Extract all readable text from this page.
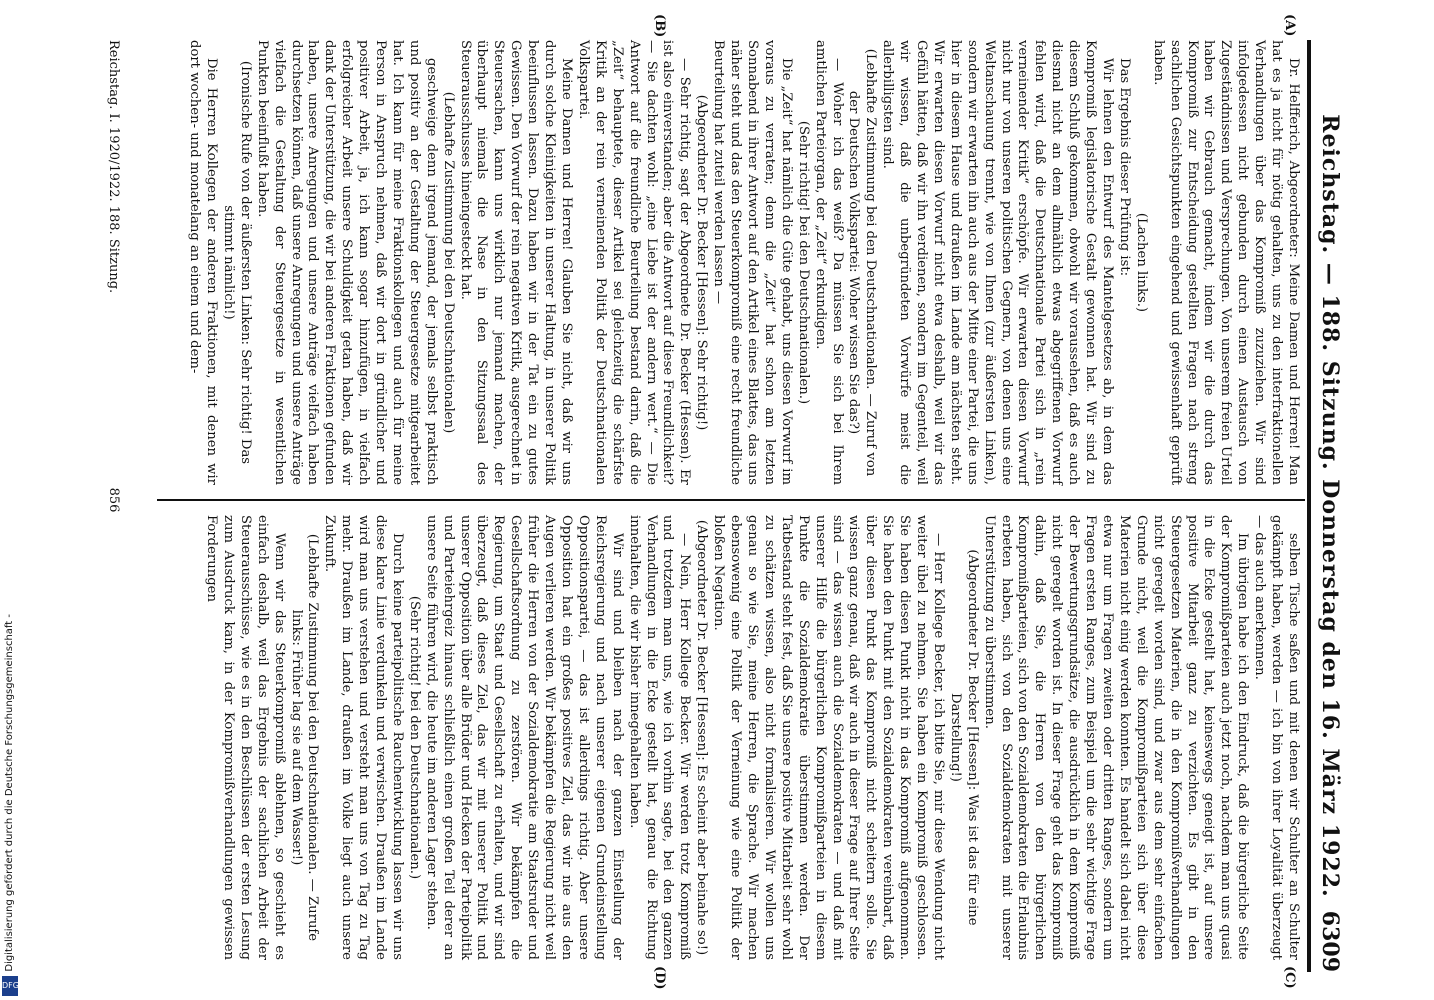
Digitalisierung gefördert durch die Deutsche Forschungsgemeinschaft -
DFG
Reichstag. — 188. Sitzung. Donnerstag den 16. März 1922.
6309
(A)
(B)
(C)
(D)

Dr. Helfferich, Abgeordneter: Meine Damen und Herren! Man hat es ja nicht für nötig gehalten, uns zu den interfraktionellen Verhandlungen über das Kompromiß zuzuziehen. Wir sind infolgedessen nicht gebunden durch einen Austausch von Zugeständnissen und Versprechungen. Von unserem freien Urteil haben wir Gebrauch gemacht, indem wir die durch das Kompromiß zur Entscheidung gestellten Fragen nach streng sachlichen Gesichtspunkten eingehend und gewissenhaft geprüft haben.

(Lachen links.)

Das Ergebnis dieser Prüfung ist:

Wir lehnen den Entwurf des Mantelgesetzes ab, in dem das Kompromiß legislatorische Gestalt gewonnen hat. Wir sind zu diesem Schluß gekommen, obwohl wir voraussehen, daß es auch diesmal nicht an dem allmählich etwas abgegriffenen Vorwurf fehlen wird, daß die Deutschnationale Partei sich in „rein verneinender Kritik“ erschöpfe. Wir erwarten diesen Vorwurf nicht nur von unseren politischen Gegnern, von denen uns eine Weltanschauung trennt, wie von Ihnen (zur äußersten Linken), sondern wir erwarten ihn auch aus der Mitte einer Partei, die uns hier in diesem Hause und draußen im Lande am nächsten steht. Wir erwarten diesen Vorwurf nicht etwa deshalb, weil wir das Gefühl hätten, daß wir ihn verdienen, sondern im Gegenteil, weil wir wissen, daß die unbegründeten Vorwürfe meist die allerbilligsten sind.

(Lebhafte Zustimmung bei den Deutschnationalen. — Zuruf von der Deutschen Volkspartei: Woher wissen Sie das?)

— Woher ich das weiß? Da müssen Sie sich bei Ihrem amtlichen Parteiorgan, der „Zeit“ erkundigen.

(Sehr richtig! bei den Deutschnationalen.)

Die „Zeit“ hat nämlich die Güte gehabt, uns diesen Vorwurf im voraus zu verraten; denn die „Zeit“ hat schon am letzten Sonnabend in ihrer Antwort auf den Artikel eines Blattes, das uns näher steht und das den Steuerkompromiß eine recht freundliche Beurteilung hat zuteil werden lassen —

(Abgeordneter Dr. Becker [Hessen]: Sehr richtig!)

— Sehr richtig, sagt der Abgeordnete Dr. Becker (Hessen). Er ist also einverstanden; aber die Antwort auf diese Freundlichkeit? — Sie dachten wohl: „eine Liebe ist der andern wert.“ — Die Antwort auf die freundliche Beurteilung bestand darin, daß die „Zeit“ behauptete, dieser Artikel sei gleichzeitig die schärfste Kritik an der rein verneinenden Politik der Deutschnationalen Volkspartei.

Meine Damen und Herren! Glauben Sie nicht, daß wir uns durch solche Kleinigkeiten in unserer Haltung, in unserer Politik beeinflussen lassen. Dazu haben wir in der Tat ein zu gutes Gewissen. Den Vorwurf der rein negativen Kritik, ausgerechnet in Steuersachen, kann uns wirklich nur jemand machen, der überhaupt niemals die Nase in den Sitzungssaal des Steuerausschusses hineingesteckt hat.

(Lebhafte Zustimmung bei den Deutschnationalen)

geschweige denn irgend jemand, der jemals selbst praktisch und positiv an der Gestaltung der Steuergesetze mitgearbeitet hat. Ich kann für meine Fraktionskollegen und auch für meine Person in Anspruch nehmen, daß wir dort in gründlicher und positiver Arbeit, ja, ich kann sogar hinzufügen, in vielfach erfolgreicher Arbeit unsere Schuldigkeit getan haben, daß wir dank der Unterstützung, die wir bei anderen Fraktionen gefunden haben, unsere Anregungen und unsere Anträge vielfach haben durchsetzen können, daß unsere Anregungen und unsere Anträge vielfach die Gestaltung der Steuergesetze in wesentlichen Punkten beeinflußt haben.

(Ironische Rufe von der äußersten Linken: Sehr richtig! Das stimmt nämlich!)

Die Herren Kollegen der anderen Fraktionen, mit denen wir dort wochen- und monatelang an einem und dem-

selben Tische saßen und mit denen wir Schulter an Schulter gekämpft haben, werden — ich bin von ihrer Loyalität überzeugt — das auch anerkennen.

Im übrigen habe ich den Eindruck, daß die bürgerliche Seite der Kompromißparteien auch jetzt noch, nachdem man uns quasi in die Ecke gestellt hat, keineswegs geneigt ist, auf unsere positive Mitarbeit ganz zu verzichten. Es gibt in den Steuergesetzen Materien, die in den Kompromißverhandlungen nicht geregelt worden sind, und zwar aus dem sehr einfachen Grunde nicht, weil die Kompromißparteien sich über diese Materien nicht einig werden konnten. Es handelt sich dabei nicht etwa nur um Fragen zweiten oder dritten Ranges, sondern um Fragen ersten Ranges, zum Beispiel um die sehr wichtige Frage der Bewertungsgrundsätze, die ausdrücklich in dem Kompromiß nicht geregelt worden ist. In dieser Frage geht das Kompromiß dahin, daß Sie, die Herren von den bürgerlichen Kompromißparteien, sich von den Sozialdemokraten die Erlaubnis erbeten haben, sich von den Sozialdemokraten mit unserer Unterstützung zu überstimmen.

(Abgeordneter Dr. Becker [Hessen]: Was ist das für eine Darstellung!)

— Herr Kollege Becker, ich bitte Sie, mir diese Wendung nicht weiter übel zu nehmen. Sie haben ein Kompromiß geschlossen. Sie haben diesen Punkt nicht in das Kompromiß aufgenommen. Sie haben den Punkt mit den Sozialdemokraten vereinbart, daß über diesen Punkt das Kompromiß nicht scheitern solle. Sie wissen ganz genau, daß wir auch in dieser Frage auf Ihrer Seite sind — das wissen auch die Sozialdemokraten — und daß mit unserer Hilfe die bürgerlichen Kompromißparteien in diesem Punkte die Sozialdemokratie überstimmen werden. Der Tatbestand steht fest, daß Sie unsere positive Mitarbeit sehr wohl zu schätzen wissen, also nicht formalisieren. Wir wollen uns genau so wie Sie, meine Herren, die Sprache. Wir machen ebensowenig eine Politik der Verneinung wie eine Politik der bloßen Negation.

(Abgeordneter Dr. Becker [Hessen]: Es scheint aber beinahe so!)

— Nein, Herr Kollege Becker. Wir werden trotz Kompromiß und trotzdem man uns, wie ich vorhin sagte, bei den ganzen Verhandlungen in die Ecke gestellt hat, genau die Richtung innehalten, die wir bisher innegehalten haben.

Wir sind und bleiben nach der ganzen Einstellung der Reichsregierung und nach unserer eigenen Grundeinstellung Oppositionspartei, — das ist allerdings richtig. Aber unsere Opposition hat ein großes positives Ziel, das wir nie aus den Augen verlieren werden. Wir bekämpfen die Regierung nicht weil früher die Herren von der Sozialdemokratie am Staatsruder und Gesellschaftsordnung zu zerstören. Wir bekämpfen die Regierung, um Staat und Gesellschaft zu erhalten, und wir sind überzeugt, daß dieses Ziel, das wir mit unserer Politik und unserer Opposition über alle Brüder und Hecken der Parteipolitik und Parteiehrgeiz hinaus schließlich einen großen Teil derer an unsere Seite führen wird, die heute im anderen Lager stehen.

(Sehr richtig! bei den Deutschnationalen.)

Durch keine parteipolitische Rauchentwicklung lassen wir uns diese klare Linie verdunkeln und verwischen. Draußen im Lande wird man uns verstehen und versteht man uns von Tag zu Tag mehr. Draußen im Lande, draußen im Volke liegt auch unsere Zukunft.

(Lebhafte Zustimmung bei den Deutschnationalen. — Zurufe links: Früher lag sie auf dem Wasser!)

Wenn wir das Steuerkompromiß ablehnen, so geschieht es einfach deshalb, weil das Ergebnis der sachlichen Arbeit der Steuerausschüsse, wie es in den Beschlüssen der ersten Lesung zum Ausdruck kam, in der Kompromißverhandlungen gewissen Forderungen

Reichstag. I. 1920/1922. 188. Sitzung.
856
